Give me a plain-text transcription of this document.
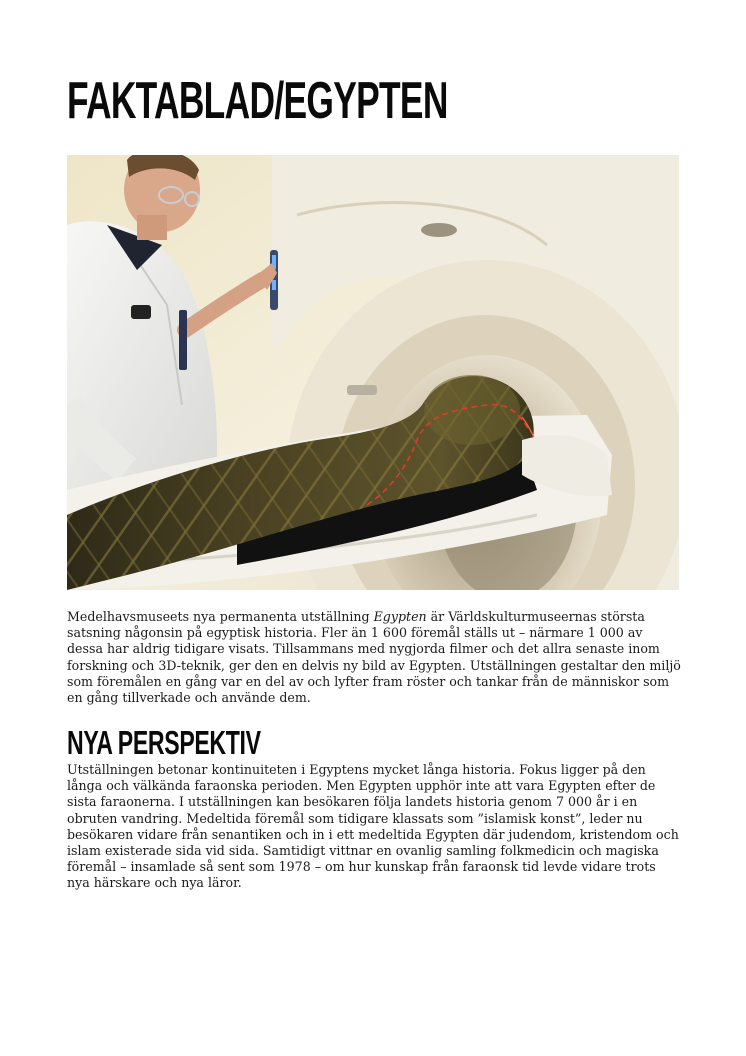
FAKTABLAD/EGYPTEN

Medelhavsmuseets nya permanenta utställning Egypten är Världskulturmuseernas största satsning någonsin på egyptisk historia. Fler än 1 600 föremål ställs ut – närmare 1 000 av dessa har aldrig tidigare visats. Tillsammans med nygjorda filmer och det allra senaste inom forskning och 3D-teknik, ger den en delvis ny bild av Egypten. Utställningen gestaltar den miljö som föremålen en gång var en del av och lyfter fram röster och tankar från de människor som en gång tillverkade och använde dem.

NYA PERSPEKTIV

Utställningen betonar kontinuiteten i Egyptens mycket långa historia. Fokus ligger på den långa och välkända faraonska perioden. Men Egypten upphör inte att vara Egypten efter de sista faraonerna. I utställningen kan besökaren följa landets historia genom 7 000 år i en obruten vandring. Medeltida föremål som tidigare klassats som ”islamisk konst”, leder nu besökaren vidare från senantiken och in i ett medeltida Egypten där judendom, kristendom och islam existerade sida vid sida. Samtidigt vittnar en ovanlig samling folkmedicin och magiska föremål – insamlade så sent som 1978 – om hur kunskap från faraonsk tid levde vidare trots nya härskare och nya läror.
